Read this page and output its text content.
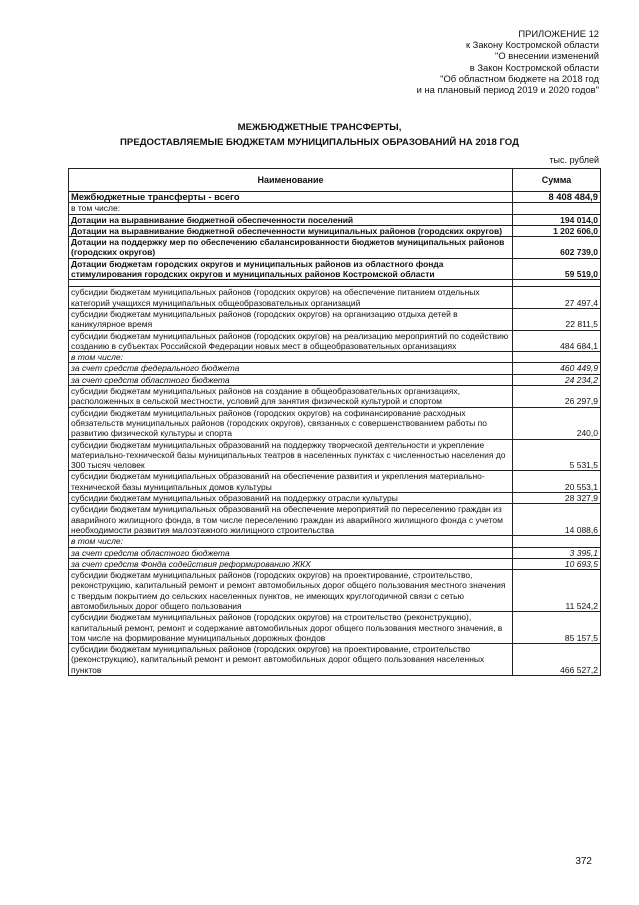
ПРИЛОЖЕНИЕ 12
к Закону Костромской области
"О внесении изменений
в Закон Костромской области
"Об областном бюджете на 2018 год
и на плановый период 2019 и 2020 годов"
МЕЖБЮДЖЕТНЫЕ ТРАНСФЕРТЫ,
ПРЕДОСТАВЛЯЕМЫЕ БЮДЖЕТАМ МУНИЦИПАЛЬНЫХ ОБРАЗОВАНИЙ НА 2018 ГОД
тыс. рублей
Наименование	Сумма
Межбюджетные трансферты - всего	8 408 484,9
в том числе:	
Дотации на выравнивание бюджетной обеспеченности поселений	194 014,0
Дотации на выравнивание бюджетной обеспеченности муниципальных районов (городских округов)	1 202 606,0
Дотации на поддержку мер по обеспечению сбалансированности бюджетов муниципальных районов (городских округов)	602 739,0
Дотации бюджетам городских округов и муниципальных районов из областного фонда стимулирования городских округов и муниципальных районов Костромской области	59 519,0

субсидии бюджетам муниципальных районов (городских округов) на обеспечение питанием отдельных категорий учащихся муниципальных общеобразовательных организаций	27 497,4
субсидии бюджетам муниципальных районов (городских округов) на организацию отдыха детей в каникулярное время	22 811,5
субсидии бюджетам муниципальных районов (городских округов) на реализацию мероприятий по содействию созданию в субъектах Российской Федерации новых мест в общеобразовательных организациях	484 684,1
в том числе:	
за счет средств федерального бюджета	460 449,9
за счет средств областного бюджета	24 234,2
субсидии бюджетам муниципальных районов на создание в общеобразовательных организациях, расположенных в сельской местности, условий для занятия физической культурой и спортом	26 297,9
субсидии бюджетам муниципальных районов (городских округов) на софинансирование расходных обязательств муниципальных районов (городских округов), связанных с совершенствованием работы по развитию физической культуры и спорта	240,0
субсидии бюджетам муниципальных образований на поддержку творческой деятельности и укрепление материально-технической базы муниципальных театров в населенных пунктах с численностью населения до 300 тысяч человек	5 531,5
субсидии бюджетам муниципальных образований на обеспечение развития и укрепления материально-технической базы муниципальных домов культуры	20 553,1
субсидии бюджетам муниципальных образований на поддержку отрасли культуры	28 327,9
субсидии бюджетам муниципальных образований на обеспечение мероприятий по переселению граждан из аварийного жилищного фонда, в том числе переселению граждан из аварийного жилищного фонда с учетом необходимости развития малоэтажного жилищного строительства	14 088,6
в том числе:	
за счет средств областного бюджета	3 395,1
за счет средств Фонда содействия реформированию ЖКХ	10 693,5
субсидии бюджетам муниципальных районов (городских округов) на проектирование, строительство, реконструкцию, капитальный ремонт и ремонт автомобильных дорог общего пользования местного значения с твердым покрытием до сельских населенных пунктов, не имеющих круглогодичной связи с сетью автомобильных дорог общего пользования	11 524,2
субсидии бюджетам муниципальных районов (городских округов) на строительство (реконструкцию), капитальный ремонт, ремонт и содержание автомобильных дорог общего пользования местного значения, в том числе на формирование муниципальных дорожных фондов	85 157,5
субсидии бюджетам муниципальных районов (городских округов) на проектирование, строительство (реконструкцию), капитальный ремонт и ремонт автомобильных дорог общего пользования населенных пунктов	466 527,2
372
